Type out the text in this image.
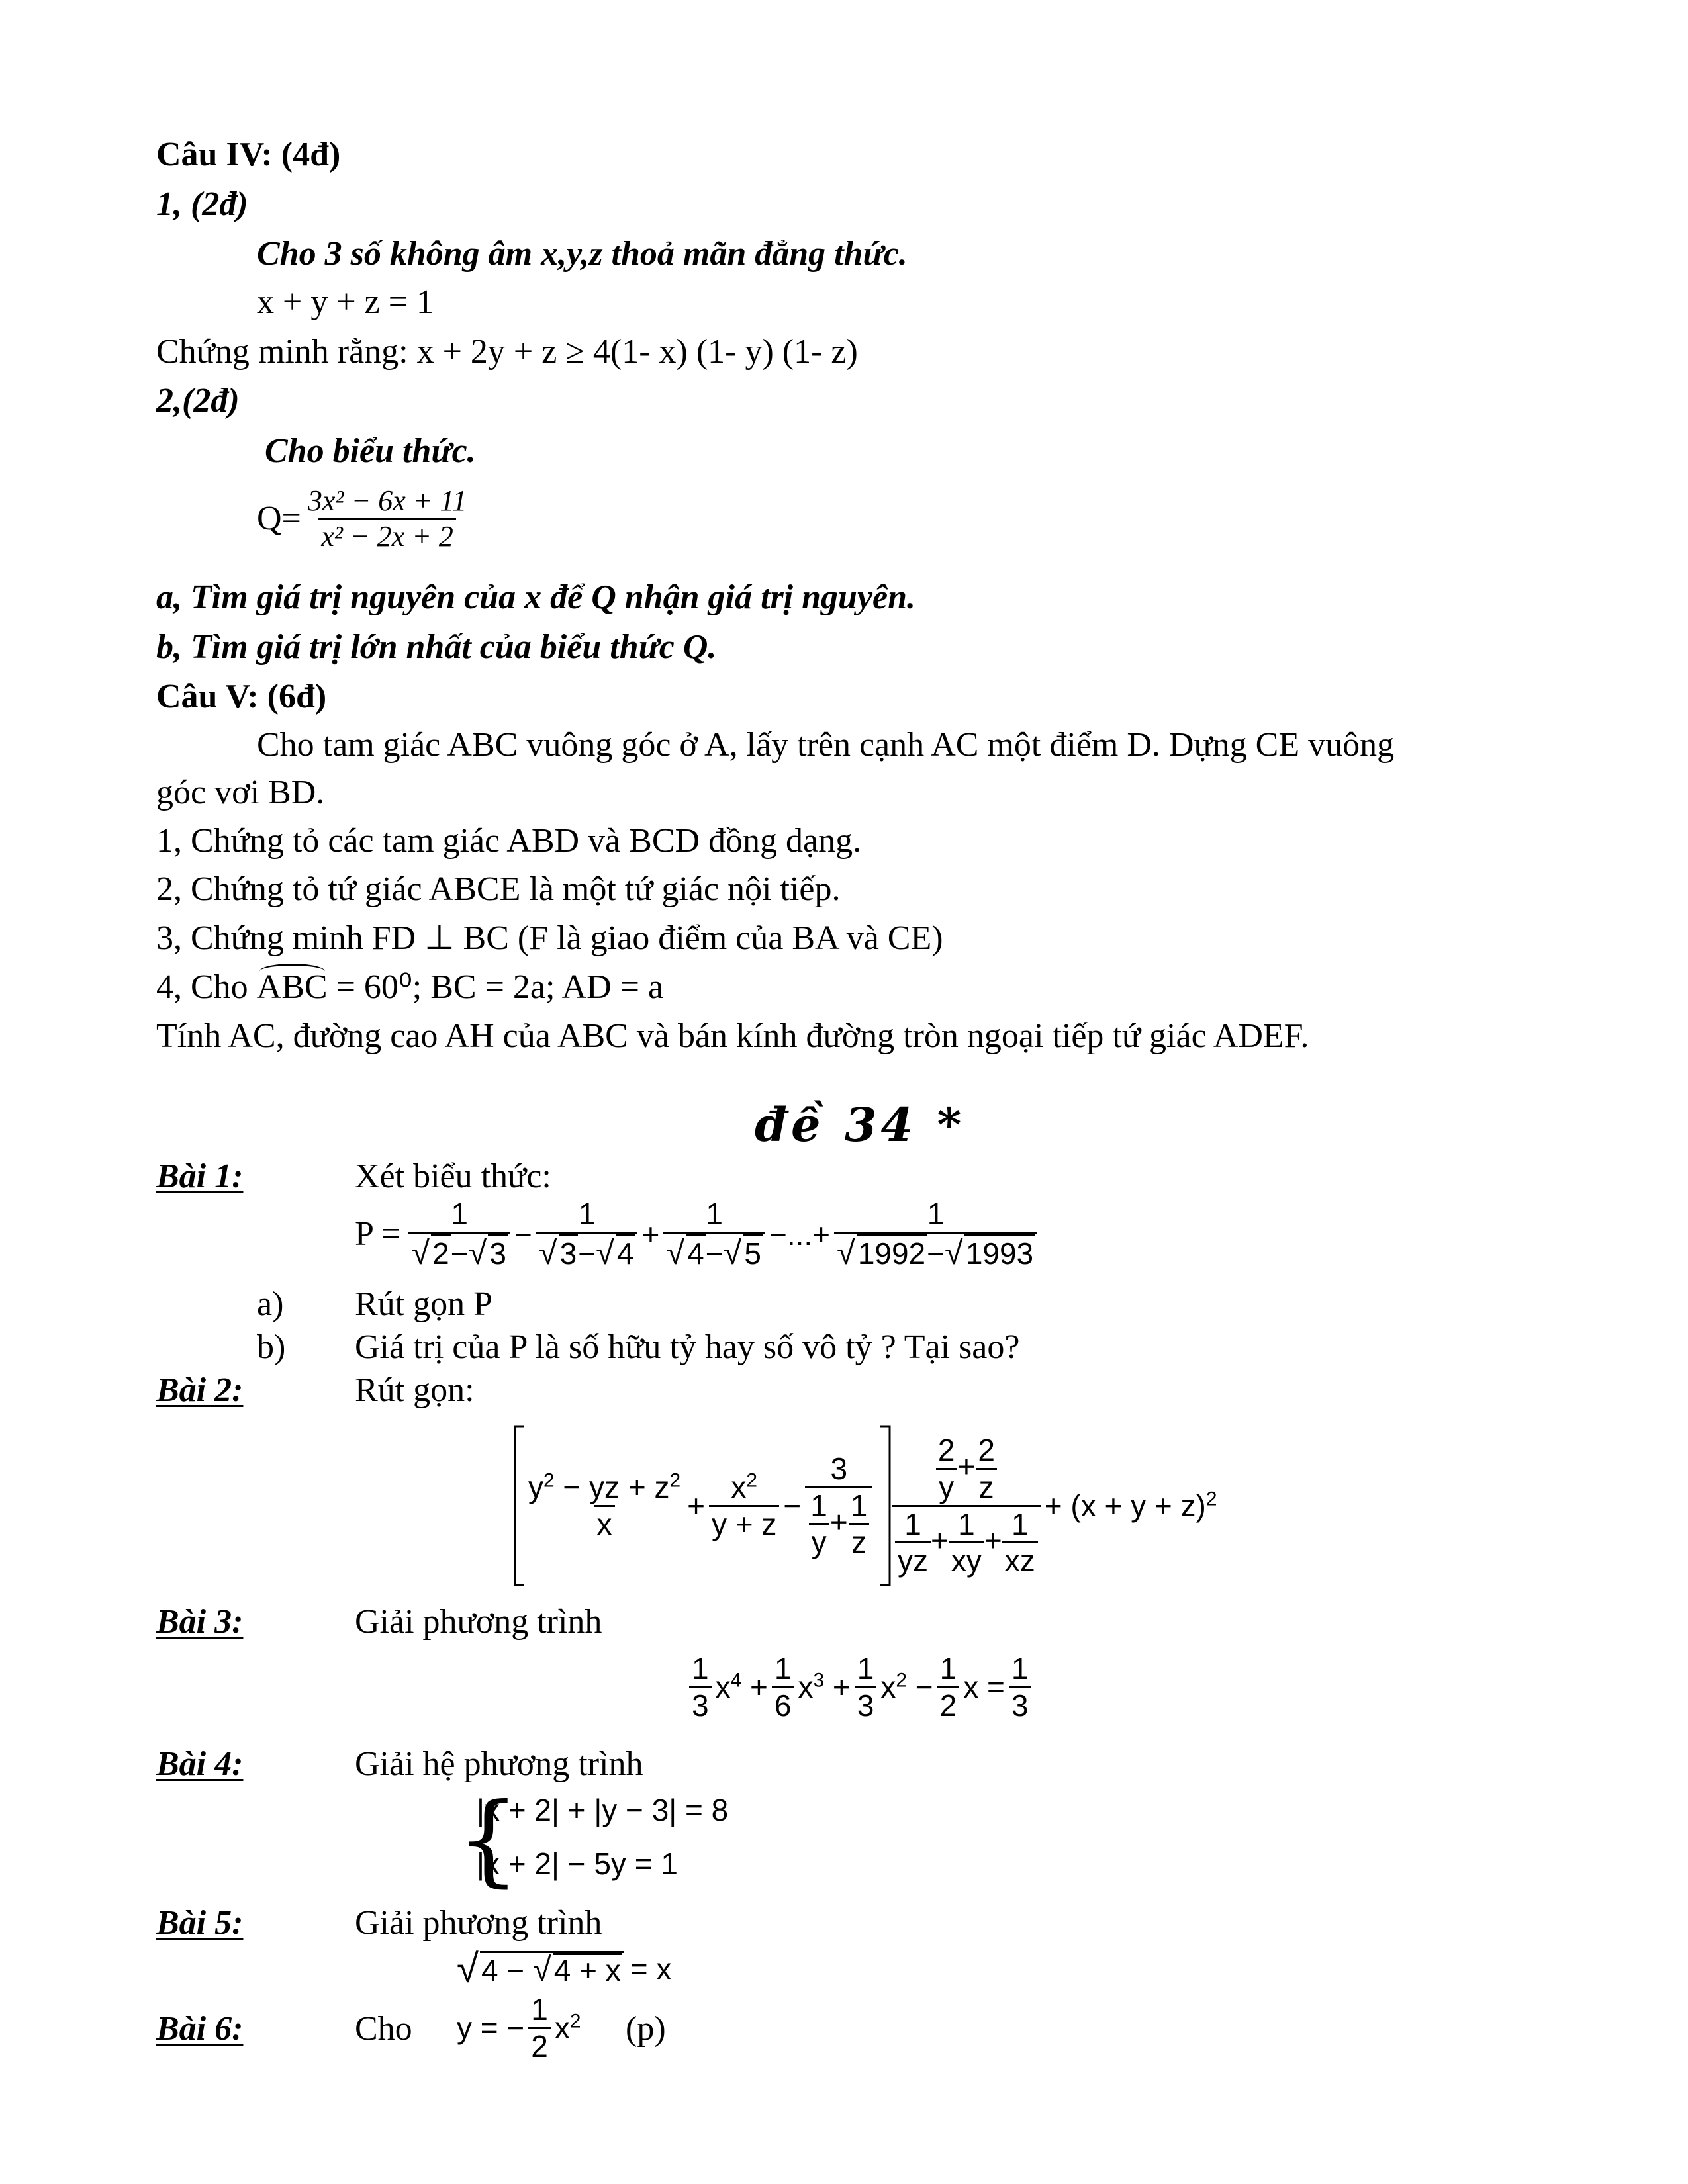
Câu IV: (4đ)
1, (2đ)
Cho 3 số không âm x,y,z thoả mãn đẳng thức.
x + y + z = 1
Chứng minh rằng: x + 2y + z ≥ 4(1- x) (1- y) (1- z)
2,(2đ)
Cho biểu thức.
$Q= \frac{\text{3x² − 6x + 11}}{\text{x² − 2x + 2}}$
a, Tìm giá trị nguyên của x để Q nhận giá trị nguyên.
b, Tìm giá trị lớn nhất của biểu thức Q.
Câu V: (6đ)
Cho tam giác ABC vuông góc ở A, lấy trên cạnh AC một điểm D. Dựng CE vuông
góc vơi BD.
1, Chứng tỏ các tam giác ABD và BCD đồng dạng.
2, Chứng tỏ tứ giác ABCE là một tứ giác nội tiếp.
3, Chứng minh FD ⊥ BC (F là giao điểm của BA và CE)
4, Cho
ABC = 60⁰; BC = 2a; AD = a
Tính AC, đường cao AH của ABC và bán kính đường tròn ngoại tiếp tứ giác ADEF.
đề 34 *
Bài 1:	Xét biểu thức:
$P = \frac{1}{√2-√3} - \frac{1}{√3-√4} + \frac{1}{√4-√5}$ −...+ $\frac{1}{√1992-√1993}$
a) Rút gọn P
b) Giá trị của P là số hữu tỷ hay số vô tỷ ? Tại sao?
Bài 2:	Rút gọn:
$\frac{y^2 - yz + z^2}{x} + \frac{x^2}{y + z} - \frac{3}{\frac{1}{y} + \frac{1}{z}} \frac{\frac{2}{y} + \frac{2}{z}}{\frac{1}{yz} + \frac{1}{xy} + \frac{1}{xz}} + (x + y + z)^2$
Bài 3:	Giải phương trình
$\frac{1}{3} x^4 + \frac{1}{6} x^3 + \frac{1}{3} x^2 - \frac{1}{2}$ $x = \frac{1}{3}$
Bài 4:	Giải hệ phương trình
{
|x + 2| + |y − 3| = 8
|x + 2| − 5y = 1
Bài 5:	Giải phương trình
√ 4 − √4 + x = x
Bài 6:	Cho y = − $\frac{1}{2} x^2$ (p)
